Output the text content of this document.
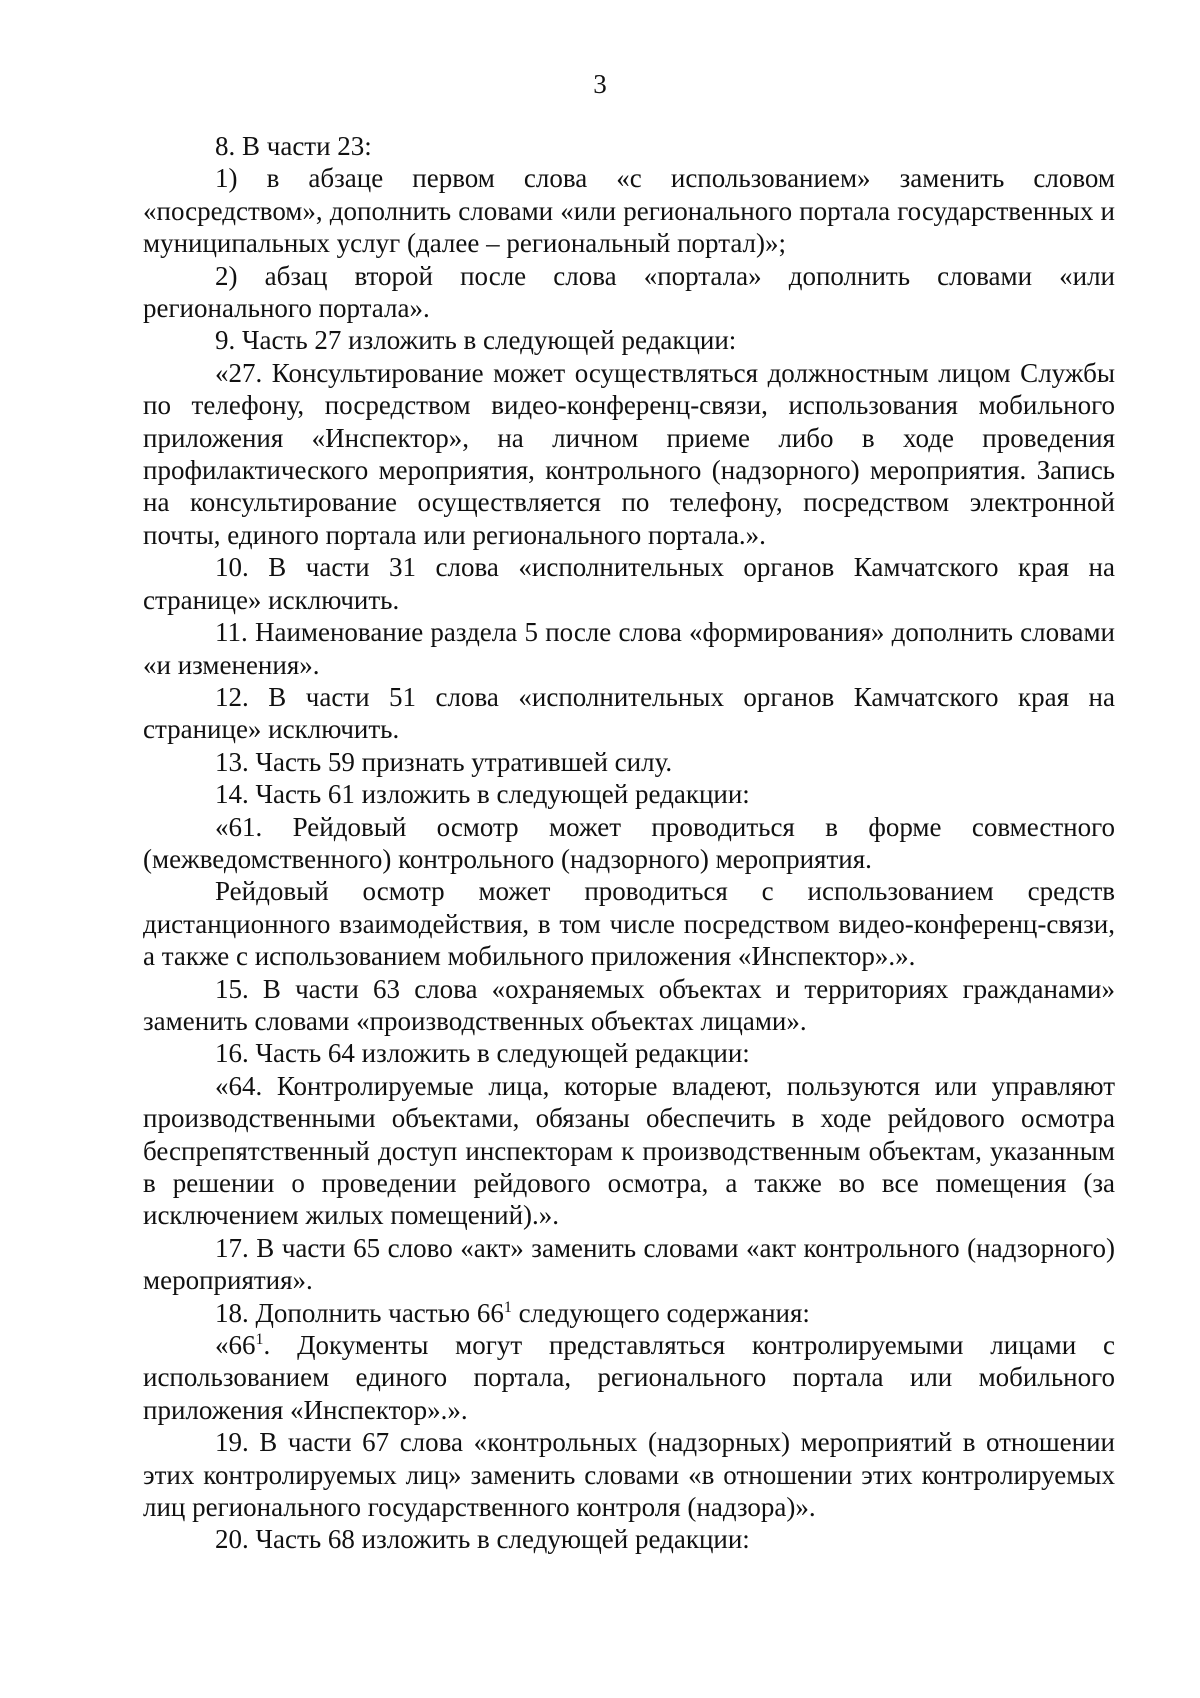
3

8. В части 23:

1) в абзаце первом слова «с использованием» заменить словом «посредством», дополнить словами «или регионального портала государственных и муниципальных услуг (далее – региональный портал)»;

2) абзац второй после слова «портала» дополнить словами «или регионального портала».

9. Часть 27 изложить в следующей редакции:

«27. Консультирование может осуществляться должностным лицом Службы по телефону, посредством видео-конференц-связи, использования мобильного приложения «Инспектор», на личном приеме либо в ходе проведения профилактического мероприятия, контрольного (надзорного) мероприятия. Запись на консультирование осуществляется по телефону, посредством электронной почты, единого портала или регионального портала.».

10. В части 31 слова «исполнительных органов Камчатского края на странице» исключить.

11. Наименование раздела 5 после слова «формирования» дополнить словами «и изменения».

12. В части 51 слова «исполнительных органов Камчатского края на странице» исключить.

13. Часть 59 признать утратившей силу.

14. Часть 61 изложить в следующей редакции:

«61. Рейдовый осмотр может проводиться в форме совместного (межведомственного) контрольного (надзорного) мероприятия.

Рейдовый осмотр может проводиться с использованием средств дистанционного взаимодействия, в том числе посредством видео-конференц-связи, а также с использованием мобильного приложения «Инспектор».».

15. В части 63 слова «охраняемых объектах и территориях гражданами» заменить словами «производственных объектах лицами».

16. Часть 64 изложить в следующей редакции:

«64. Контролируемые лица, которые владеют, пользуются или управляют производственными объектами, обязаны обеспечить в ходе рейдового осмотра беспрепятственный доступ инспекторам к производственным объектам, указанным в решении о проведении рейдового осмотра, а также во все помещения (за исключением жилых помещений).».

17. В части 65 слово «акт» заменить словами «акт контрольного (надзорного) мероприятия».

18. Дополнить частью $66^1$ следующего содержания:

«$66^1$. Документы могут представляться контролируемыми лицами с использованием единого портала, регионального портала или мобильного приложения «Инспектор».».

19. В части 67 слова «контрольных (надзорных) мероприятий в отношении этих контролируемых лиц» заменить словами «в отношении этих контролируемых лиц регионального государственного контроля (надзора)».

20. Часть 68 изложить в следующей редакции:
